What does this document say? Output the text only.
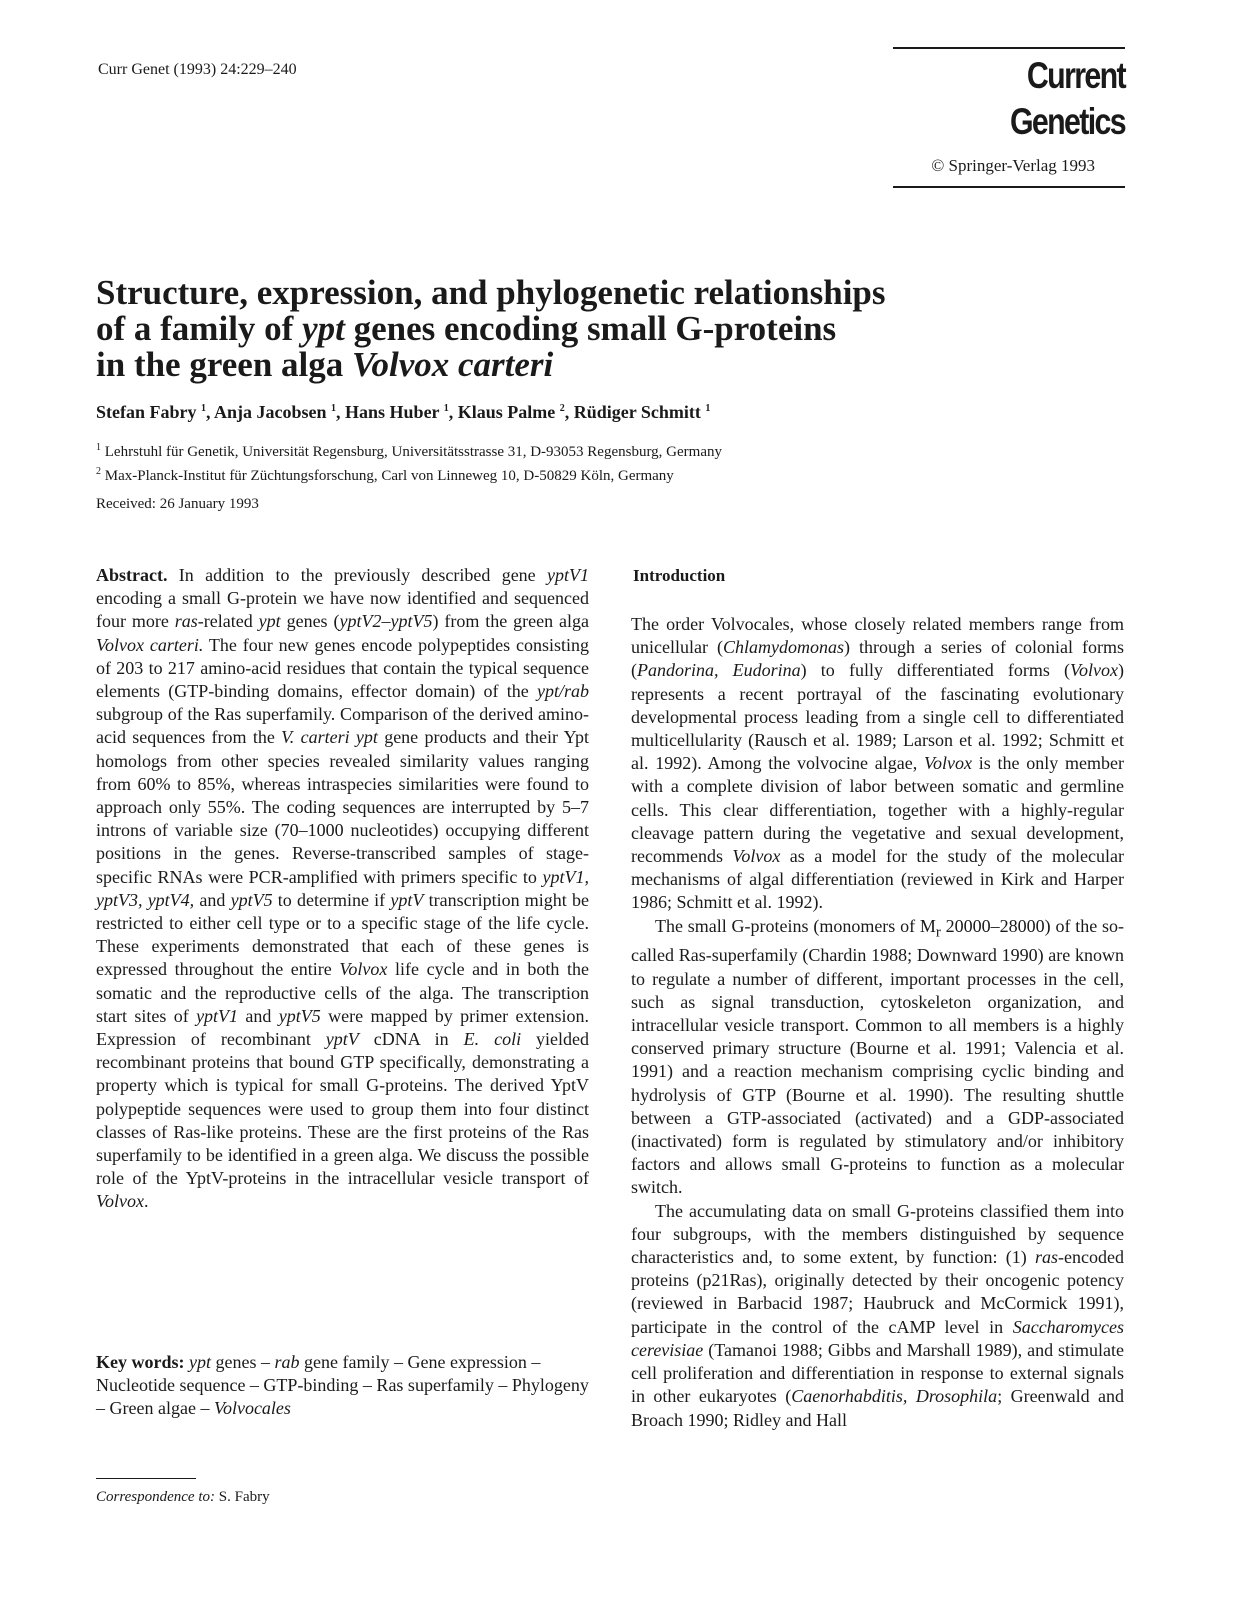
Curr Genet (1993) 24:229–240	Current Genetics
© Springer-Verlag 1993
Structure, expression, and phylogenetic relationships
of a family of ypt genes encoding small G-proteins
in the green alga Volvox carteri
Stefan Fabry $^1$, Anja Jacobsen $^1$, Hans Huber $^1$, Klaus Palme $^2$, Rüdiger Schmitt $^1$
$^1$ Lehrstuhl für Genetik, Universität Regensburg, Universitätsstrasse 31, D-93053 Regensburg, Germany
$^2$ Max-Planck-Institut für Züchtungsforschung, Carl von Linneweg 10, D-50829 Köln, Germany
Received: 26 January 1993
Abstract. In addition to the previously described gene yptV1 encoding a small G-protein we have now identified and sequenced four more ras-related ypt genes (yptV2–yptV5) from the green alga Volvox carteri. The four new genes encode polypeptides consisting of 203 to 217 amino-acid residues that contain the typical sequence elements (GTP-binding domains, effector domain) of the ypt/rab subgroup of the Ras superfamily. Comparison of the derived amino-acid sequences from the V. carteri ypt gene products and their Ypt homologs from other species revealed similarity values ranging from 60% to 85%, whereas intraspecies similarities were found to approach only 55%. The coding sequences are interrupted by 5–7 introns of variable size (70–1000 nucleotides) occupying different positions in the genes. Reverse-transcribed samples of stage-specific RNAs were PCR-amplified with primers specific to yptV1, yptV3, yptV4, and yptV5 to determine if yptV transcription might be restricted to either cell type or to a specific stage of the life cycle. These experiments demonstrated that each of these genes is expressed throughout the entire Volvox life cycle and in both the somatic and the reproductive cells of the alga. The transcription start sites of yptV1 and yptV5 were mapped by primer extension. Expression of recombinant yptV cDNA in E. coli yielded recombinant proteins that bound GTP specifically, demonstrating a property which is typical for small G-proteins. The derived YptV polypeptide sequences were used to group them into four distinct classes of Ras-like proteins. These are the first proteins of the Ras superfamily to be identified in a green alga. We discuss the possible role of the YptV-proteins in the intracellular vesicle transport of Volvox.
Key words: ypt genes – rab gene family – Gene expression – Nucleotide sequence – GTP-binding – Ras superfamily – Phylogeny – Green algae – Volvocales
Correspondence to: S. Fabry
Introduction

The order Volvocales, whose closely related members range from unicellular (Chlamydomonas) through a series of colonial forms (Pandorina, Eudorina) to fully differentiated forms (Volvox) represents a recent portrayal of the fascinating evolutionary developmental process leading from a single cell to differentiated multicellularity (Rausch et al. 1989; Larson et al. 1992; Schmitt et al. 1992). Among the volvocine algae, Volvox is the only member with a complete division of labor between somatic and germline cells. This clear differentiation, together with a highly-regular cleavage pattern during the vegetative and sexual development, recommends Volvox as a model for the study of the molecular mechanisms of algal differentiation (reviewed in Kirk and Harper 1986; Schmitt et al. 1992).

The small G-proteins (monomers of $M_r$ 20000–28000) of the so-called Ras-superfamily (Chardin 1988; Downward 1990) are known to regulate a number of different, important processes in the cell, such as signal transduction, cytoskeleton organization, and intracellular vesicle transport. Common to all members is a highly conserved primary structure (Bourne et al. 1991; Valencia et al. 1991) and a reaction mechanism comprising cyclic binding and hydrolysis of GTP (Bourne et al. 1990). The resulting shuttle between a GTP-associated (activated) and a GDP-associated (inactivated) form is regulated by stimulatory and/or inhibitory factors and allows small G-proteins to function as a molecular switch.

The accumulating data on small G-proteins classified them into four subgroups, with the members distinguished by sequence characteristics and, to some extent, by function: (1) ras-encoded proteins (p21Ras), originally detected by their oncogenic potency (reviewed in Barbacid 1987; Haubruck and McCormick 1991), participate in the control of the cAMP level in Saccharomyces cerevisiae (Tamanoi 1988; Gibbs and Marshall 1989), and stimulate cell proliferation and differentiation in response to external signals in other eukaryotes (Caenorhabditis, Drosophila; Greenwald and Broach 1990; Ridley and Hall
